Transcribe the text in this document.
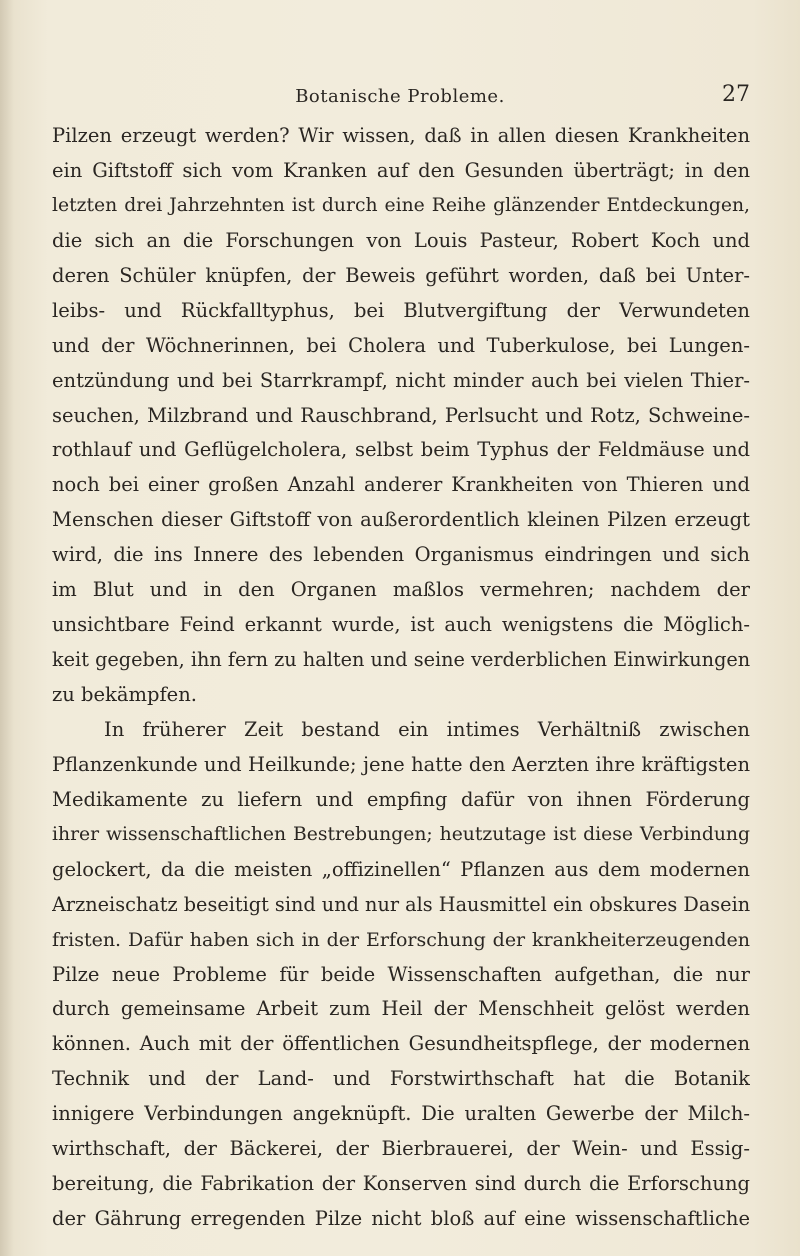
Botanische Probleme.	27
Pilzen erzeugt werden? Wir wissen, daß in allen diesen Krankheiten
ein Giftstoff sich vom Kranken auf den Gesunden überträgt; in den
letzten drei Jahrzehnten ist durch eine Reihe glänzender Entdeckungen,
die sich an die Forschungen von Louis Pasteur, Robert Koch und
deren Schüler knüpfen, der Beweis geführt worden, daß bei Unter-
leibs- und Rückfalltyphus, bei Blutvergiftung der Verwundeten
und der Wöchnerinnen, bei Cholera und Tuberkulose, bei Lungen-
entzündung und bei Starrkrampf, nicht minder auch bei vielen Thier-
seuchen, Milzbrand und Rauschbrand, Perlsucht und Rotz, Schweine-
rothlauf und Geflügelcholera, selbst beim Typhus der Feldmäuse und
noch bei einer großen Anzahl anderer Krankheiten von Thieren und
Menschen dieser Giftstoff von außerordentlich kleinen Pilzen erzeugt
wird, die ins Innere des lebenden Organismus eindringen und sich
im Blut und in den Organen maßlos vermehren; nachdem der
unsichtbare Feind erkannt wurde, ist auch wenigstens die Möglich-
keit gegeben, ihn fern zu halten und seine verderblichen Einwirkungen
zu bekämpfen.
In früherer Zeit bestand ein intimes Verhältniß zwischen
Pflanzenkunde und Heilkunde; jene hatte den Aerzten ihre kräftigsten
Medikamente zu liefern und empfing dafür von ihnen Förderung
ihrer wissenschaftlichen Bestrebungen; heutzutage ist diese Verbindung
gelockert, da die meisten „offizinellen“ Pflanzen aus dem modernen
Arzneischatz beseitigt sind und nur als Hausmittel ein obskures Dasein
fristen. Dafür haben sich in der Erforschung der krankheiterzeugenden
Pilze neue Probleme für beide Wissenschaften aufgethan, die nur
durch gemeinsame Arbeit zum Heil der Menschheit gelöst werden
können. Auch mit der öffentlichen Gesundheitspflege, der modernen
Technik und der Land- und Forstwirthschaft hat die Botanik
innigere Verbindungen angeknüpft. Die uralten Gewerbe der Milch-
wirthschaft, der Bäckerei, der Bierbrauerei, der Wein- und Essig-
bereitung, die Fabrikation der Konserven sind durch die Erforschung
der Gährung erregenden Pilze nicht bloß auf eine wissenschaftliche
